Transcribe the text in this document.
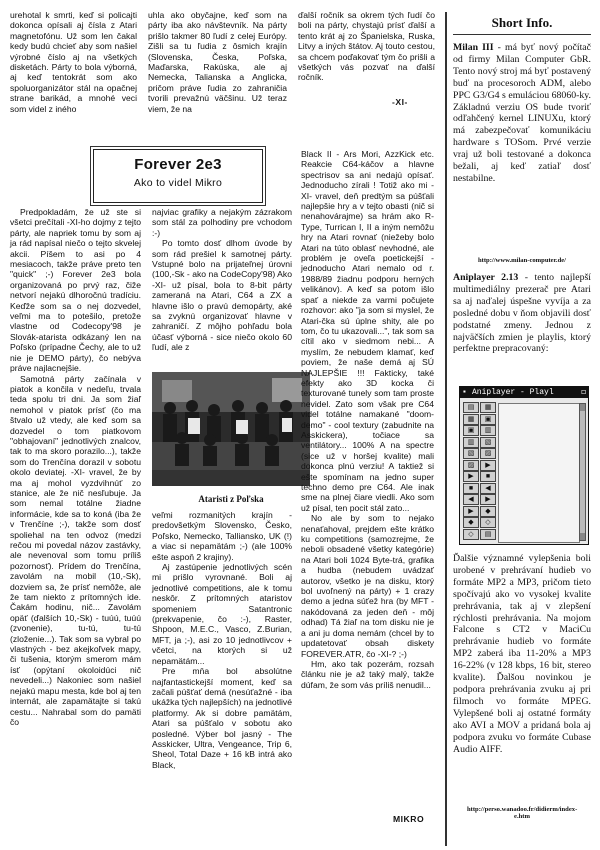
urehotal k smrti, keď si policajti dokonca opísali aj čísla z Atari magnetofónu. Už som len čakal kedy budú chcieť aby som našiel výrobné číslo aj na všetkých disketách. Párty to bola výborná, aj keď tentokrát som ako spoluorganizátor stál na opačnej strane barikád, a mnohé veci som videl z iného

uhla ako obyčajne, keď som na párty iba ako návštevník. Na párty prišlo takmer 80 ľudí z celej Európy. Zišli sa tu ľudia z ôsmich krajín (Slovenska, Česka, Poľska, Maďarska, Rakúska, ale aj Nemecka, Talianska a Anglicka, pričom práve ľudia zo zahraničia tvorili prevažnú väčšinu. Už teraz viem, že na

ďalší ročník sa okrem tých ľudí čo boli na párty, chystajú prísť ďalší a tento krát aj zo Španielska, Ruska, Litvy a iných štátov. Aj touto cestou, sa chcem poďakovať tým čo prišli a všetkých vás pozvať na ďalší ročník.

-XI-
Forever 2e3
Ako to videl Mikro

Predpokladám, že už ste si všetci prečítali -XI-ho dojmy z tejto párty, ale napriek tomu by som aj ja rád napísal niečo o tejto skvelej akcii. Píšem to asi po 4 mesiacoch, takže práve preto ten "quick" ;-) Forever 2e3 bola organizovaná po prvý raz, čiže netvorí nejakú dlhoročnú tradíciu. Keďže som sa o nej dozvedel, veľmi ma to potešilo, pretože vlastne od Codecopy'98 je Slovák-atarista odkázaný len na Poľsko (prípadne Čechy, ale to už nie je DEMO párty), čo nebýva práve najlacnejšie.

Samotná párty začínala v piatok a končila v nedeľu, trvala teda spolu tri dni. Ja som žiaľ nemohol v piatok prísť (čo ma štvalo už vtedy, ale keď som sa dozvedel o tom piatkovom "obhajovaní" jednotlivých znalcov, tak to ma skoro porazilo...), takže som do Trenčína dorazil v sobotu okolo deviatej. -XI- vravel, že by ma aj mohol vyzdvihnúť zo stanice, ale že nič nesľubuje. Ja som nemal totálne žiadne informácie, kde sa to koná (iba že v Trenčíne ;-), takže som dosť spoliehal na ten odvoz (medzi rečou mi povedal názov zastávky, ale nevenoval som tomu príliš pozornosť). Prídem do Trenčína, zavolám na mobil (10,-Sk), dozviem sa, že prísť nemôže, ale že tam niekto z prítomných ide. Čakám hodinu, nič... Zavolám opäť (ďalších 10,-Sk) - tuúú, tuúú (zvonenie), tu-tú, tu-tú (zloženie...). Tak som sa vybral po vlastných - bez akejkoľvek mapy, či tušenia, ktorým smerom mám ísť (opýtaní okoloidúci nič nevedeli...) Nakoniec som našiel nejakú mapu mesta, kde bol aj ten internát, ale zapamätajte si takú cestu... Nahrabal som do pamäti čo

najviac grafiky a nejakým zázrakom som stál za polhodiny pre vchodom :-)

Po tomto dosť dlhom úvode by som rád prešiel k samotnej párty. Vstupné bolo na prijateľnej úrovni (100,-Sk - ako na CodeCopy'98) Ako -XI- už písal, bola to 8-bit párty zameraná na Atari, C64 a ZX a hlavne išlo o pravú demopárty, aké sa zvyknú organizovať hlavne v zahraničí. Z môjho pohľadu bola účasť výborná - sice niečo okolo 60 ľudí, ale z

Ataristi z Poľska

veľmi rozmanitých krajín - predovšetkým Slovensko, Česko, Poľsko, Nemecko, Talliansko, UK (!) a viac si nepamätám ;-) (ale 100% ešte aspoň 2 krajiny).

Aj zastúpenie jednotlivých scén mi prišlo vyrovnané. Boli aj jednotlivé competitions, ale k tomu neskôr. Z prítomných ataristov spomeniem Satantronic (prekvapenie, čo :-), Raster, Shpoon, M.E.C., Vasco, Z.Burian, MFT, ja ;-), asi zo 10 jednotlivcov + včetci, na ktorých si už nepamätám...

Pre mňa bol absolútne najfantastickejší moment, keď sa začali púšťať demá (nesúťažné - iba ukážka tých najlepších) na jednotlivé platformy. Ak si dobre pamätám, Atari sa púšťalo v sobotu ako posledné. Výber bol jasný - The Asskicker, Ultra, Vengeance, Trip 6, Sheol, Total Daze + 16 kB intrá ako Black,

Black II - Ars Mori, AzzKick etc. Reakcie C64-káčov a hlavne spectrisov sa ani nedajú opísať. Jednoducho zírali ! Totiž ako mi -XI- vravel, deň predtým sa púšťali najlepšie hry a v tejto obasti (nič si nenahovárajme) sa hrám ako R-Type, Turrican I, II a iným nemôžu hry na Atari rovnať (niežeby bolo Atari na túto oblasť nevhodné, ale problém je oveľa poetickejší - jednoducho Atari nemalo od r. 1988/89 žiadnu podporu herných velikánov). A keď sa potom išlo spať a niekde za varmi počujete rozhovor: ako "ja som si myslel, že Atari-čka sú úplne shity, ale po tom, čo tu ukazovali...", tak som sa cítil ako v siedmom nebi... A myslím, že nebudem klamať, keď poviem, že naše demá aj SÚ NAJLEPŠIE !!! Fakticky, také efekty ako 3D kocka či texturované tunely som tam proste nevidel. Zato som však pre C64 videl totálne namakané "doom-demo" - cool textury (zabudnite na Asskickera), točiace sa ventilátory... 100% A na spectre (sice už v horšej kvalite) mali dokonca plnú verziu! A taktiež si ešte spomínam na jedno super techno demo pre C64. Ale inak sme na plnej čiare viedli. Ako som už písal, ten pocit stál zato...

No ale by som to nejako nenaťahoval, prejdem ešte krátko ku competitions (samozrejme, že neboli obsadené všetky kategórie) na Atari boli 1024 Byte-trá, grafika a hudba (nebudem uvádzať autorov, všetko je na disku, ktorý bol uvoľnený na párty) + 1 crazy demo a jedna súťež hra (by MFT - nakódovaná za jeden deň - môj odhad) Tá žiaľ na tom disku nie je a ani ju doma nemám (chcel by to updatetovať obsah diskety FOREVER.ATR, čo -XI-? ;-)

Hm, ako tak pozerám, rozsah článku nie je až taký malý, takže dúfam, že som vás príliš nenudil...

MIKRO
Short Info.
Milan III - má byť nový počítač od firmy Milan Computer GbR. Tento nový stroj má byť postavený buď na procesoroch ADM, alebo PPC G3/G4 s emuláciou 68060-ky. Základnú verziu OS bude tvoriť odľahčený kernel LINUXu, ktorý má zabezpečovať komunikáciu hardware s TOSom. Prvé verzie vraj už boli testované a dokonca bežali, aj keď zatiaľ dosť nestabilne.
http://www.milan-computer.de/
Aniplayer 2.13 - tento najlepší multimediálny prezerač pre Atari sa aj naďalej úspešne vyvíja a za posledné dobu v ňom objavili dosť podstatné zmeny. Jednou z najväčších zmien je playlis, ktorý perfektne prepracovaný:
Ďalšie významné vylepšenia boli urobené v prehrávaní hudieb vo formáte MP2 a MP3, pričom tieto spočívajú ako vo vysokej kvalite prehrávania, tak aj v zlepšení rýchlosti prehrávania. Na mojom Falcone s CT2 v MaciCu prehrávanie hudieb vo formáte MP2 zaberá iba 11-20% a MP3 16-22% (v 128 kbps, 16 bit, stereo kvalite). Ďalšou novinkou je podpora prehrávania zvuku aj pri filmoch vo formáte MPEG. Vylepšené boli aj ostatné formáty ako AVI a MOV a pridaná bola aj podpora zvuku vo formáte Cubase Audio AIFF.
http://perso.wanadoo.fr/didierm/index-e.htm
▪ Aniplayer - Playl	◻
▤	▦
▦	▣
▣	▥
▥	▧
▧	▨
▨	▶
▶	■
■	◀
◀	▶
▶	◆
◆	◇
◇	▤
